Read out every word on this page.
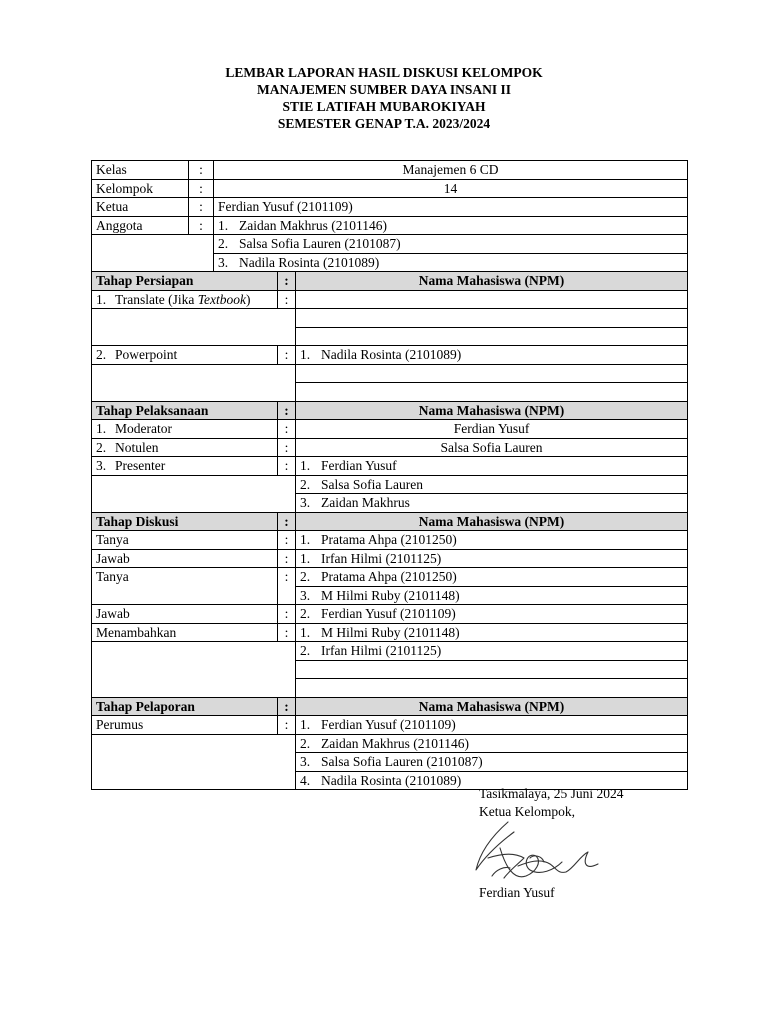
LEMBAR LAPORAN HASIL DISKUSI KELOMPOK
MANAJEMEN SUMBER DAYA INSANI II
STIE LATIFAH MUBAROKIYAH
SEMESTER GENAP T.A. 2023/2024
Kelas	:	Manajemen 6 CD		
Kelompok	:	14		
Ketua	:	Ferdian Yusuf (2101109)		
Anggota	:	1. Zaidan Makhrus (2101146)		
		2. Salsa Sofia Lauren (2101087)		
		3. Nadila Rosinta (2101089)		
Tahap Persiapan			:	Nama Mahasiswa (NPM)
1. Translate (Jika Textbook)			:	

2. Powerpoint			:	1. Nadila Rosinta (2101089)

Tahap Pelaksanaan			:	Nama Mahasiswa (NPM)
1. Moderator			:	Ferdian Yusuf
2. Notulen			:	Salsa Sofia Lauren
3. Presenter			:	1. Ferdian Yusuf
				2. Salsa Sofia Lauren
				3. Zaidan Makhrus
Tahap Diskusi			:	Nama Mahasiswa (NPM)
Tanya			:	1. Pratama Ahpa (2101250)
Jawab			:	1. Irfan Hilmi (2101125)
Tanya			:	2. Pratama Ahpa (2101250)
				3. M Hilmi Ruby (2101148)
Jawab			:	2. Ferdian Yusuf (2101109)
Menambahkan			:	1. M Hilmi Ruby (2101148)
				2. Irfan Hilmi (2101125)

Tahap Pelaporan			:	Nama Mahasiswa (NPM)
Perumus			:	1. Ferdian Yusuf (2101109)
				2. Zaidan Makhrus (2101146)
				3. Salsa Sofia Lauren (2101087)
				4. Nadila Rosinta (2101089)
Tasikmalaya, 25 Juni 2024
Ketua Kelompok,
Ferdian Yusuf
